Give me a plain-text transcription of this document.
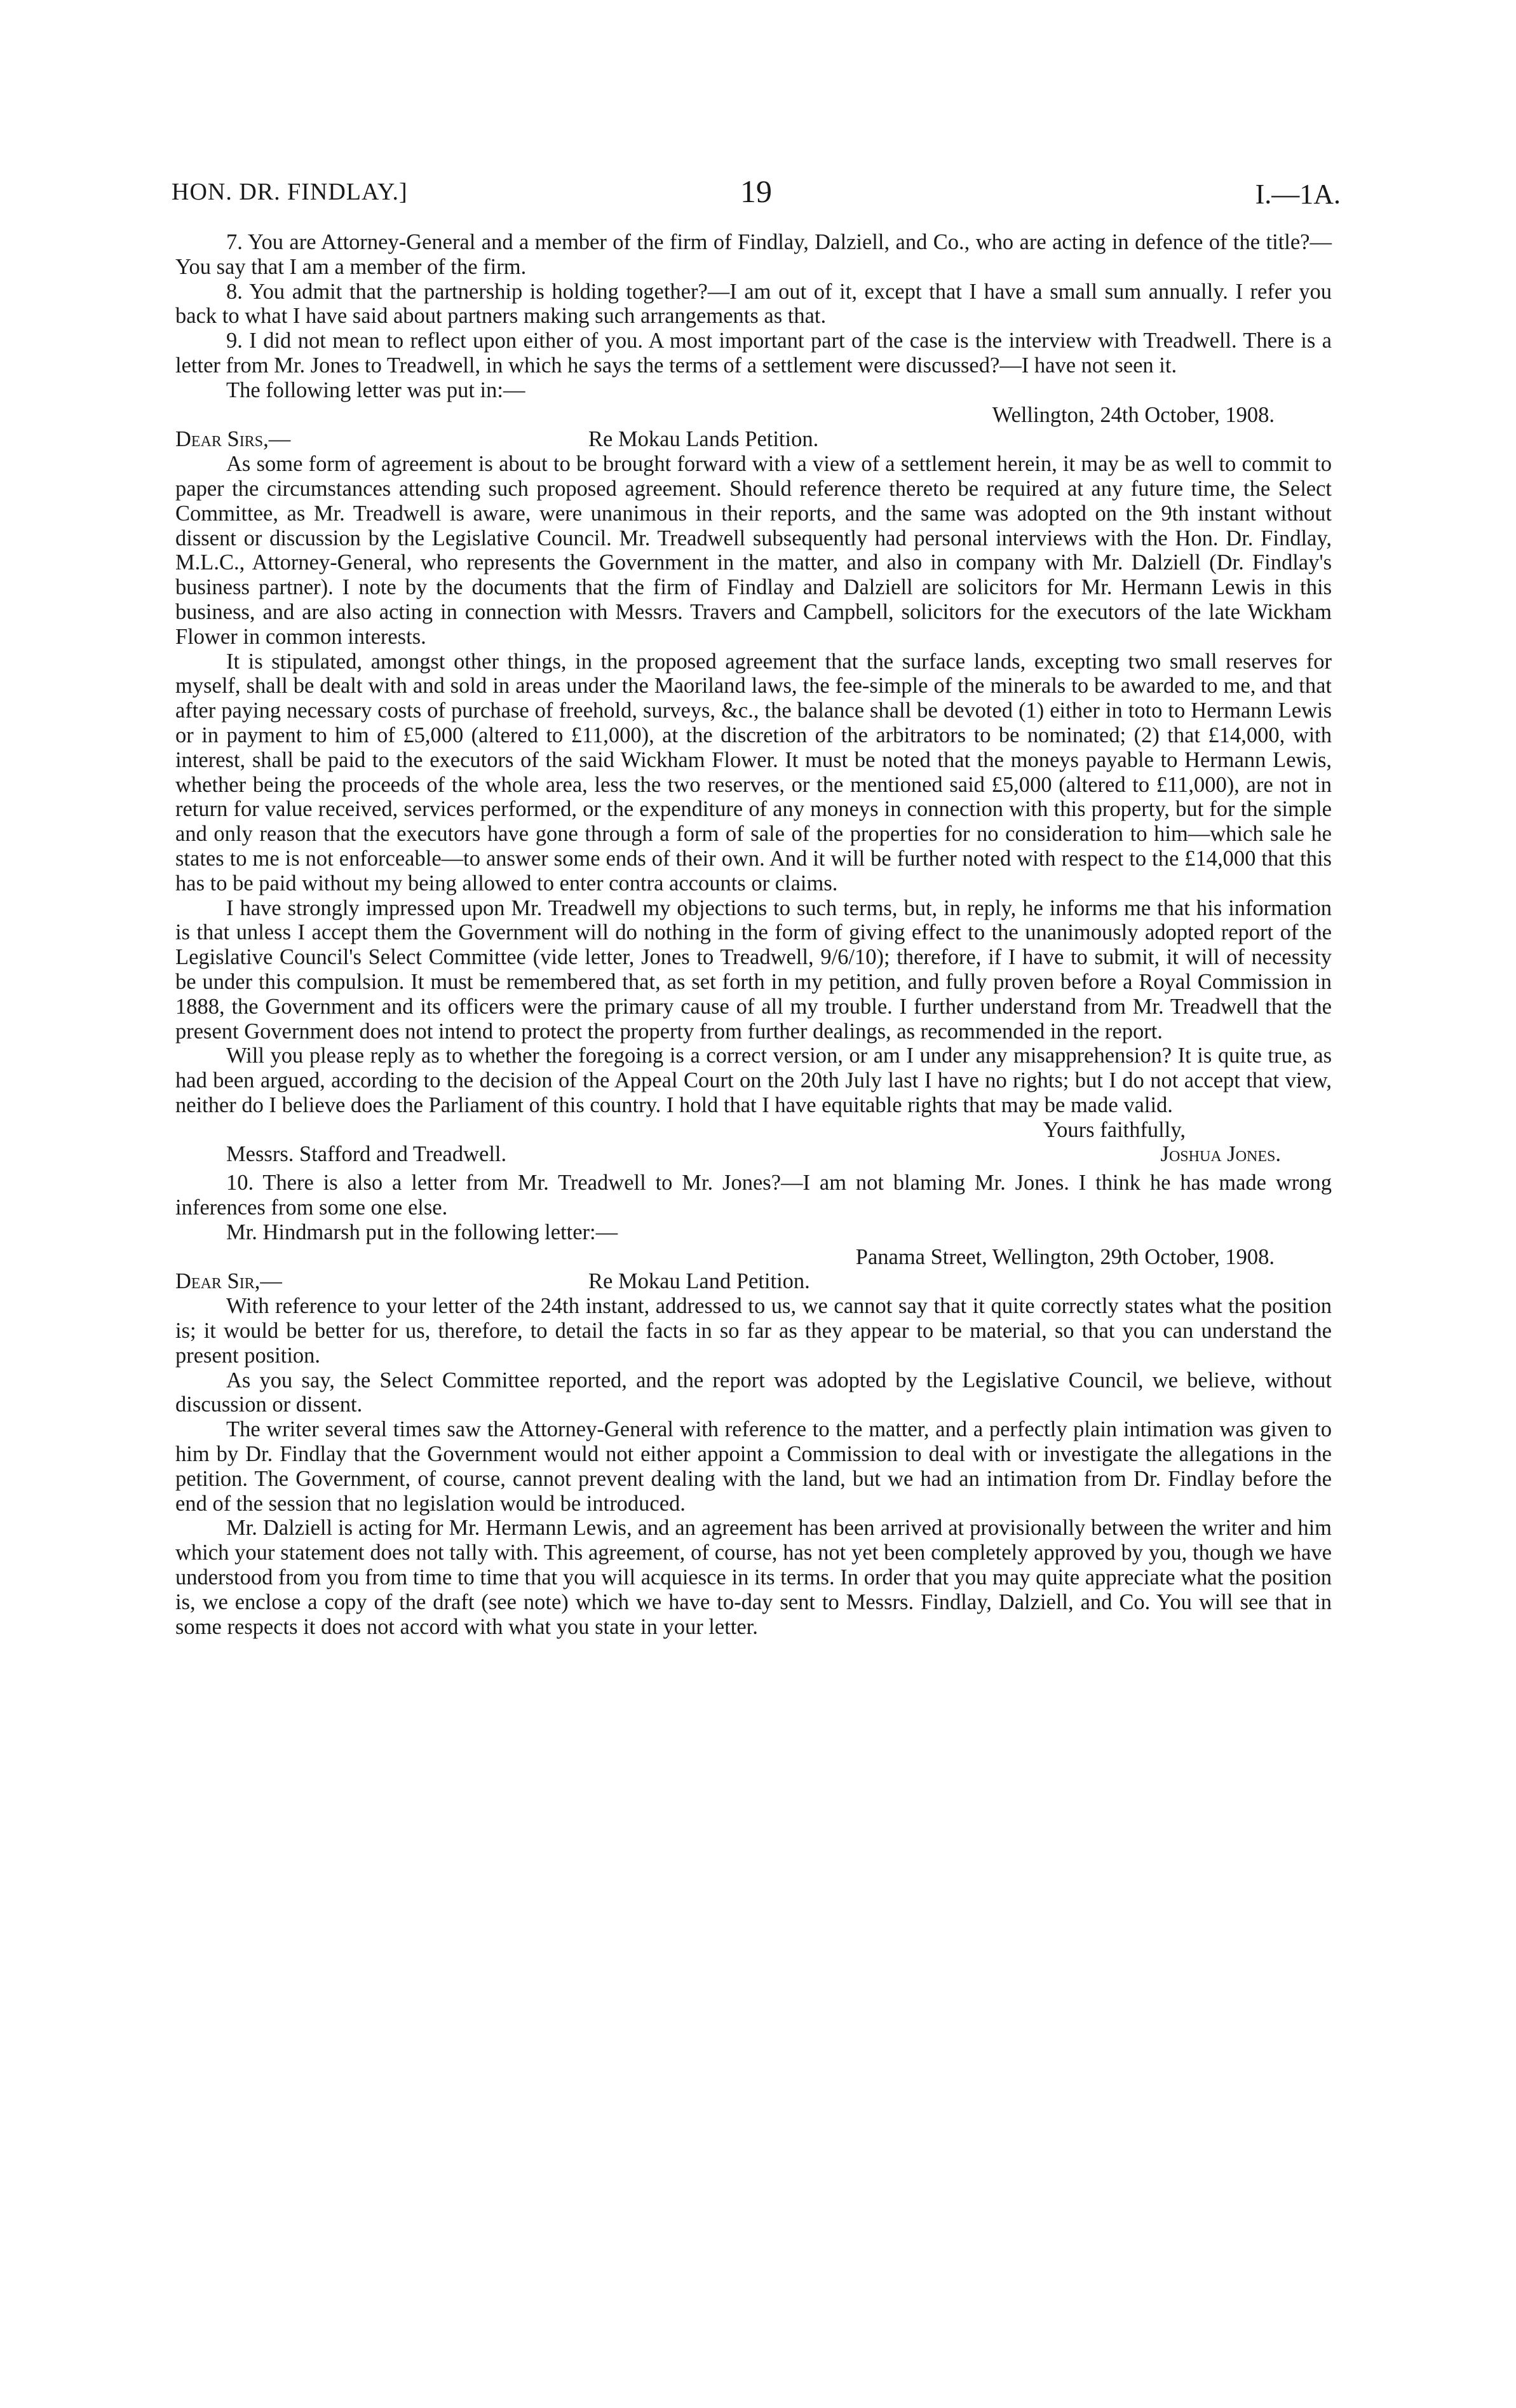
HON. DR. FINDLAY.]	19	I.—1A.

7. You are Attorney-General and a member of the firm of Findlay, Dalziell, and Co., who are acting in defence of the title?—You say that I am a member of the firm.

8. You admit that the partnership is holding together?—I am out of it, except that I have a small sum annually. I refer you back to what I have said about partners making such arrangements as that.

9. I did not mean to reflect upon either of you. A most important part of the case is the interview with Treadwell. There is a letter from Mr. Jones to Treadwell, in which he says the terms of a settlement were discussed?—I have not seen it.

The following letter was put in:—

Wellington, 24th October, 1908.

Dear Sirs,—	Re Mokau Lands Petition.

As some form of agreement is about to be brought forward with a view of a settlement herein, it may be as well to commit to paper the circumstances attending such proposed agreement. Should reference thereto be required at any future time, the Select Committee, as Mr. Treadwell is aware, were unanimous in their reports, and the same was adopted on the 9th instant without dissent or discussion by the Legislative Council. Mr. Treadwell subsequently had personal interviews with the Hon. Dr. Findlay, M.L.C., Attorney-General, who represents the Government in the matter, and also in company with Mr. Dalziell (Dr. Findlay's business partner). I note by the documents that the firm of Findlay and Dalziell are solicitors for Mr. Hermann Lewis in this business, and are also acting in connection with Messrs. Travers and Campbell, solicitors for the executors of the late Wickham Flower in common interests.

It is stipulated, amongst other things, in the proposed agreement that the surface lands, excepting two small reserves for myself, shall be dealt with and sold in areas under the Maoriland laws, the fee-simple of the minerals to be awarded to me, and that after paying necessary costs of purchase of freehold, surveys, &c., the balance shall be devoted (1) either in toto to Hermann Lewis or in payment to him of £5,000 (altered to £11,000), at the discretion of the arbitrators to be nominated; (2) that £14,000, with interest, shall be paid to the executors of the said Wickham Flower. It must be noted that the moneys payable to Hermann Lewis, whether being the proceeds of the whole area, less the two reserves, or the mentioned said £5,000 (altered to £11,000), are not in return for value received, services performed, or the expenditure of any moneys in connection with this property, but for the simple and only reason that the executors have gone through a form of sale of the properties for no consideration to him—which sale he states to me is not enforceable—to answer some ends of their own. And it will be further noted with respect to the £14,000 that this has to be paid without my being allowed to enter contra accounts or claims.

I have strongly impressed upon Mr. Treadwell my objections to such terms, but, in reply, he informs me that his information is that unless I accept them the Government will do nothing in the form of giving effect to the unanimously adopted report of the Legislative Council's Select Committee (vide letter, Jones to Treadwell, 9/6/10); therefore, if I have to submit, it will of necessity be under this compulsion. It must be remembered that, as set forth in my petition, and fully proven before a Royal Commission in 1888, the Government and its officers were the primary cause of all my trouble. I further understand from Mr. Treadwell that the present Government does not intend to protect the property from further dealings, as recommended in the report.

Will you please reply as to whether the foregoing is a correct version, or am I under any misapprehension? It is quite true, as had been argued, according to the decision of the Appeal Court on the 20th July last I have no rights; but I do not accept that view, neither do I believe does the Parliament of this country. I hold that I have equitable rights that may be made valid.

Yours faithfully,
Messrs. Stafford and Treadwell.	Joshua Jones.

10. There is also a letter from Mr. Treadwell to Mr. Jones?—I am not blaming Mr. Jones. I think he has made wrong inferences from some one else.

Mr. Hindmarsh put in the following letter:—

Panama Street, Wellington, 29th October, 1908.

Dear Sir,—	Re Mokau Land Petition.

With reference to your letter of the 24th instant, addressed to us, we cannot say that it quite correctly states what the position is; it would be better for us, therefore, to detail the facts in so far as they appear to be material, so that you can understand the present position.

As you say, the Select Committee reported, and the report was adopted by the Legislative Council, we believe, without discussion or dissent.

The writer several times saw the Attorney-General with reference to the matter, and a perfectly plain intimation was given to him by Dr. Findlay that the Government would not either appoint a Commission to deal with or investigate the allegations in the petition. The Government, of course, cannot prevent dealing with the land, but we had an intimation from Dr. Findlay before the end of the session that no legislation would be introduced.

Mr. Dalziell is acting for Mr. Hermann Lewis, and an agreement has been arrived at provisionally between the writer and him which your statement does not tally with. This agreement, of course, has not yet been completely approved by you, though we have understood from you from time to time that you will acquiesce in its terms. In order that you may quite appreciate what the position is, we enclose a copy of the draft (see note) which we have to-day sent to Messrs. Findlay, Dalziell, and Co. You will see that in some respects it does not accord with what you state in your letter.
